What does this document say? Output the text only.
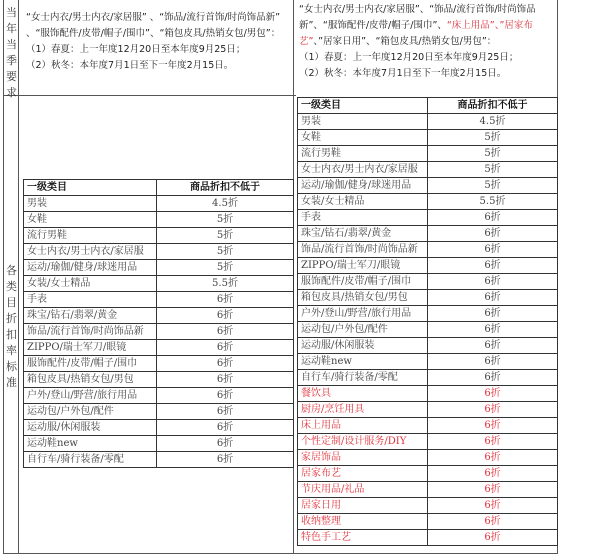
当
年
当
季
要
求
各
类
目
折
扣
率
标
准

“女士内衣/男士内衣/家居服” 、“饰品/流行首饰/时尚饰品新” 、“服饰配件/皮带/帽子/围巾”、“箱包皮具/热销女包/男包”：

（1）春夏：上一年度12月20日至本年度9月25日；

（2）秋冬：本年度7月1日至下一年度2月15日。

“女士内衣/男士内衣/家居服”、“饰品/流行首饰/时尚饰品新”、“服饰配件/皮带/帽子/围巾”、“床上用品”、”居家布艺”、”居家日用”、“箱包皮具/热销女包/男包”：

（1）春夏：上一年度12月20日至本年度9月25日；

（2）秋冬：本年度7月1日至下一年度2月15日。

一级类目	商品折扣不低于
男装	4.5折
女鞋	5折
流行男鞋	5折
女士内衣/男士内衣/家居服	5折
运动/瑜伽/健身/球迷用品	5折
女装/女士精品	5.5折
手表	6折
珠宝/钻石/翡翠/黄金	6折
饰品/流行首饰/时尚饰品新	6折
ZIPPO/瑞士军刀/眼镜	6折
服饰配件/皮带/帽子/围巾	6折
箱包皮具/热销女包/男包	6折
户外/登山/野营/旅行用品	6折
运动包/户外包/配件	6折
运动服/休闲服装	6折
运动鞋new	6折
自行车/骑行装备/零配	6折
一级类目	商品折扣不低于
男装	4.5折
女鞋	5折
流行男鞋	5折
女士内衣/男士内衣/家居服	5折
运动/瑜伽/健身/球迷用品	5折
女装/女士精品	5.5折
手表	6折
珠宝/钻石/翡翠/黄金	6折
饰品/流行首饰/时尚饰品新	6折
ZIPPO/瑞士军刀/眼镜	6折
服饰配件/皮带/帽子/围巾	6折
箱包皮具/热销女包/男包	6折
户外/登山/野营/旅行用品	6折
运动包/户外包/配件	6折
运动服/休闲服装	6折
运动鞋new	6折
自行车/骑行装备/零配	6折
餐饮具	6折
厨房/烹饪用具	6折
床上用品	6折
个性定制/设计服务/DIY	6折
家居饰品	6折
居家布艺	6折
节庆用品/礼品	6折
居家日用	6折
收纳整理	6折
特色手工艺	6折
